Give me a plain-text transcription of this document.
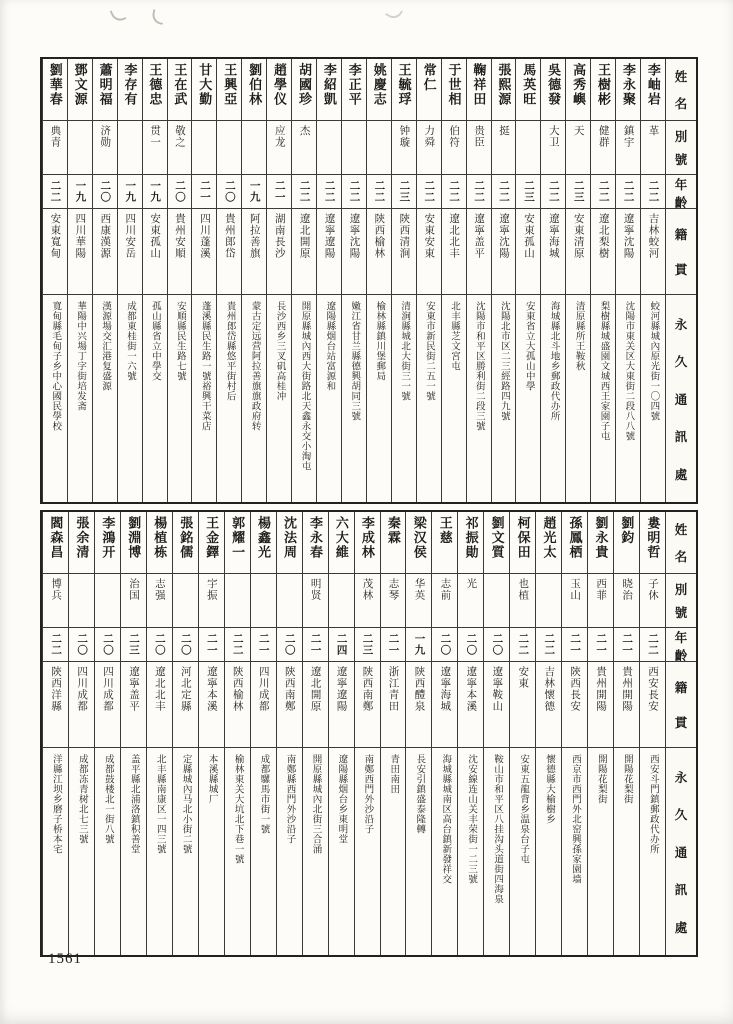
姓
名
別
號
年
齡
籍
貫
永
久
通
訊
處
李岫岩
革
二二
吉林蛟河
蛟河縣城內原光街一〇四號
李永聚
鎮宇
二二
遼寧沈陽
沈陽市東关区大東街二段八八號
王樹彬
健群
二二
遼北梨樹
梨樹縣城盛園文城西王家園子屯
高秀嶼
天
二三
安東清原
清原縣所王鞍秋
吳德發
大卫
二二
遼寧海城
海城縣北斗地乡郵政代办所
馬英旺
二三
安東孤山
安東省立大孤山中學
張熙源
挺
二二
遼寧沈陽
沈陽北市区二三經路四九號
鞠祥田
贵臣
二二
遼寧盖平
沈陽市和平区勝利街二段三號
于世相
伯符
二二
遼北北丰
北丰縣芝文宮屯
常仁
力舜
二二
安東安東
安東市新民街二五一號
王毓琈
钟璇
二三
陝西清涧
清涧縣城北大街三一號
姚慶志
二二
陝西榆林
榆林縣鎮川堡郵局
李正平
二二
遼寧沈陽
嫩江省甘兰縣德興胡同三號
李紹凱
二二
遼寧遼陽
遼陽縣烟台站富源和
胡國珍
杰
二二
遼北開原
開原縣城內西大街路北天鑫永交小淘屯
趙學仪
应龙
二一
湖南長沙
長沙西乡三叉矶高桂冲
劉伯林
一九
阿拉善旗
蒙古定远营阿拉善旗旗政府转
王興亞
二〇
貴州郎岱
貴州郎岱縣悠平街村后
甘大勤
二一
四川蓬溪
蓬溪縣民生路一號裕興干菜店
王在武
敬之
二〇
貴州安順
安順縣民生路七號
王德忠
贯一
一九
安東孤山
孤山縣省立中學交
李存有
一九
四川安岳
成都東桂街一六號
蕭明福
济勋
二〇
西康漢源
漢源場交汇港复盛源
鄧文源
一九
四川華陽
華陽中兴場丁字街培发斋
劉華春
典青
二二
安東寬甸
寬甸縣毛甸子乡中心國民學校
姓
名
別
號
年
齡
籍
貫
永
久
通
訊
處
婁明哲
子休
二二
西安長安
西安斗門鎮郵政代办所
劉鈞
晓治
二一
貴州開陽
開陽花梨街
劉永貴
西菲
二一
貴州開陽
開陽花梨街
孫鳳栖
玉山
二一
陝西長安
西京市西門外北窑興孫家園墙
趙光太
二二
吉林懷德
懷德縣大榆樹乡
柯保田
也植
二二
安東
安東五龍背乡温泉台子屯
劉文質
二〇
遼寧鞍山
鞍山市和平区八挂沟头道街四海泉
祁振勛
光
二〇
遼寧本溪
沈安線连山关丰荣街一二三號
王慈
志前
二〇
遼寧海城
海城縣城南区高台鎮新發祥交
梁汉侯
华英
一九
陝西醴泉
長安引鎮盛泰隆轉
秦霖
志琴
二一
浙江青田
青田南田
李成林
茂林
二三
陝西南鄭
南鄭西門外沙沿子
六大維
二四
遼寧遼陽
遼陽縣烟台乡東明堂
李永春
明贤
二一
遼北開原
開原縣城內北街三合涌
沈法周
二〇
陝西南鄭
南鄭縣西門外沙沿子
楊鑫光
二一
四川成都
成都騾馬市街一號
郭耀一
二二
陝西榆林
榆林東关大坑北下巷一號
王金鐸
宇振
二一
遼寧本溪
本溪縣城厂
張銘儒
二〇
河北定縣
定縣城內马北小街二號
楊植栋
志强
二〇
遼北北丰
北丰縣南康区一四三號
劉淵博
治国
二三
遼寧盖平
盖平縣北浦洛鎮积善堂
李鴻开
二〇
四川成都
成都鼓楼北一街八號
張余清
二〇
四川成都
成都冻青树北七三號
閻森昌
博兵
二二
陝西洋縣
洋縣江坝乡磨子桥本宅
1561
